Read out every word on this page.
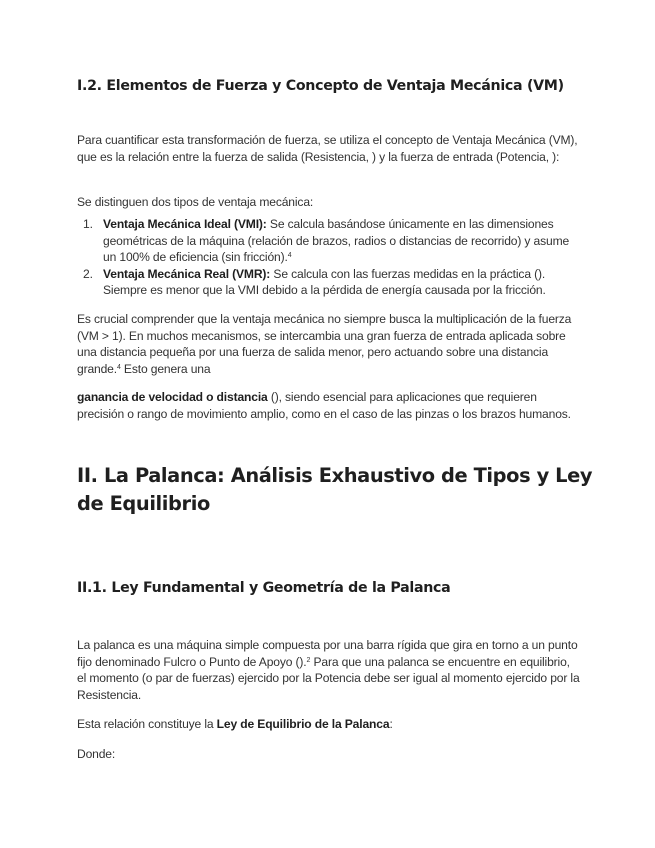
I.2. Elementos de Fuerza y Concepto de Ventaja Mecánica (VM)

Para cuantificar esta transformación de fuerza, se utiliza el concepto de Ventaja Mecánica (VM), que es la relación entre la fuerza de salida (Resistencia, ) y la fuerza de entrada (Potencia, ):

Se distinguen dos tipos de ventaja mecánica:

1. Ventaja Mecánica Ideal (VMI): Se calcula basándose únicamente en las dimensiones geométricas de la máquina (relación de brazos, radios o distancias de recorrido) y asume un 100% de eficiencia (sin fricción).$^4$
2. Ventaja Mecánica Real (VMR): Se calcula con las fuerzas medidas en la práctica (). Siempre es menor que la VMI debido a la pérdida de energía causada por la fricción.

Es crucial comprender que la ventaja mecánica no siempre busca la multiplicación de la fuerza (VM > 1). En muchos mecanismos, se intercambia una gran fuerza de entrada aplicada sobre una distancia pequeña por una fuerza de salida menor, pero actuando sobre una distancia grande.$^4$ Esto genera una

ganancia de velocidad o distancia (), siendo esencial para aplicaciones que requieren precisión o rango de movimiento amplio, como en el caso de las pinzas o los brazos humanos.

II. La Palanca: Análisis Exhaustivo de Tipos y Ley de Equilibrio
II.1. Ley Fundamental y Geometría de la Palanca

La palanca es una máquina simple compuesta por una barra rígida que gira en torno a un punto fijo denominado Fulcro o Punto de Apoyo ().$^2$ Para que una palanca se encuentre en equilibrio, el momento (o par de fuerzas) ejercido por la Potencia debe ser igual al momento ejercido por la Resistencia.

Esta relación constituye la Ley de Equilibrio de la Palanca:

Donde:
